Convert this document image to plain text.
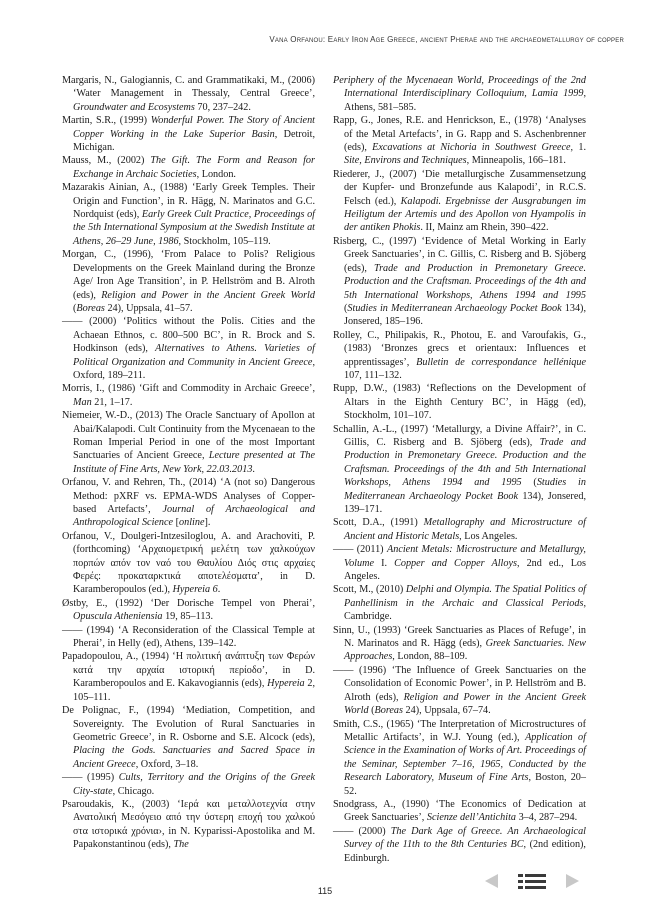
Vana Orfanou: Early Iron Age Greece, ancient Pherae and the archaeometallurgy of copper

Margaris, N., Galogiannis, C. and Grammatikaki, M., (2006) ‘Water Management in Thessaly, Central Greece’, Groundwater and Ecosystems 70, 237–242.

Martin, S.R., (1999) Wonderful Power. The Story of Ancient Copper Working in the Lake Superior Basin, Detroit, Michigan.

Mauss, M., (2002) The Gift. The Form and Reason for Exchange in Archaic Societies, London.

Mazarakis Ainian, A., (1988) ‘Early Greek Temples. Their Origin and Function’, in R. Hägg, N. Marinatos and G.C. Nordquist (eds), Early Greek Cult Practice, Proceedings of the 5th International Symposium at the Swedish Institute at Athens, 26–29 June, 1986, Stockholm, 105–119.

Morgan, C., (1996), ‘From Palace to Polis? Religious Developments on the Greek Mainland during the Bronze Age/ Iron Age Transition’, in P. Hellström and B. Alroth (eds), Religion and Power in the Ancient Greek World (Boreas 24), Uppsala, 41–57.

—— (2000) ‘Politics without the Polis. Cities and the Achaean Ethnos, c. 800–500 BC’, in R. Brock and S. Hodkinson (eds), Alternatives to Athens. Varieties of Political Organization and Community in Ancient Greece, Oxford, 189–211.

Morris, I., (1986) ‘Gift and Commodity in Archaic Greece’, Man 21, 1–17.

Niemeier, W.-D., (2013) The Oracle Sanctuary of Apollon at Abai/Kalapodi. Cult Continuity from the Mycenaean to the Roman Imperial Period in one of the most Important Sanctuaries of Ancient Greece, Lecture presented at The Institute of Fine Arts, New York, 22.03.2013.

Orfanou, V. and Rehren, Th., (2014) ‘A (not so) Dangerous Method: pXRF vs. EPMA-WDS Analyses of Copper-based Artefacts’, Journal of Archaeological and Anthropological Science [online].

Orfanou, V., Doulgeri-Intzesiloglou, A. and Arachoviti, P. (forthcoming) ‘Αρχαιομετρική μελέτη των χαλκούχων πορπών απόν τον ναό του Θαυλίου Διός στις αρχαίες Φερές: προκαταρκτικά αποτελέσματα’, in D. Karamberopoulos (ed.), Hypereia 6.

Østby, E., (1992) ‘Der Dorische Tempel von Pherai’, Opuscula Atheniensia 19, 85–113.

—— (1994) ‘A Reconsideration of the Classical Temple at Pherai’, in Helly (ed), Athens, 139–142.

Papadopoulou, A., (1994) ‘Η πολιτική ανάπτυξη των Φερών κατά την αρχαία ιστορική περίοδο’, in D. Karamberopoulos and E. Kakavogiannis (eds), Hypereia 2, 105–111.

De Polignac, F., (1994) ‘Mediation, Competition, and Sovereignty. The Evolution of Rural Sanctuaries in Geometric Greece’, in R. Osborne and S.E. Alcock (eds), Placing the Gods. Sanctuaries and Sacred Space in Ancient Greece, Oxford, 3–18.

—— (1995) Cults, Territory and the Origins of the Greek City-state, Chicago.

Psaroudakis, K., (2003) ‘Ιερά και μεταλλοτεχνία στην Ανατολική Μεσόγειο από την ύστερη εποχή του χαλκού στα ιστορικά χρόνια›, in N. Kyparissi-Apostolika and M. Papakonstantinou (eds), The

Periphery of the Mycenaean World, Proceedings of the 2nd International Interdisciplinary Colloquium, Lamia 1999, Athens, 581–585.

Rapp, G., Jones, R.E. and Henrickson, E., (1978) ‘Analyses of the Metal Artefacts’, in G. Rapp and S. Aschenbrenner (eds), Excavations at Nichoria in Southwest Greece, 1. Site, Environs and Techniques, Minneapolis, 166–181.

Riederer, J., (2007) ‘Die metallurgische Zusammensetzung der Kupfer- und Bronzefunde aus Kalapodi’, in R.C.S. Felsch (ed.), Kalapodi. Ergebnisse der Ausgrabungen im Heiligtum der Artemis und des Apollon von Hyampolis in der antiken Phokis. II, Mainz am Rhein, 390–422.

Risberg, C., (1997) ‘Evidence of Metal Working in Early Greek Sanctuaries’, in C. Gillis, C. Risberg and B. Sjöberg (eds), Trade and Production in Premonetary Greece. Production and the Craftsman. Proceedings of the 4th and 5th International Workshops, Athens 1994 and 1995 (Studies in Mediterranean Archaeology Pocket Book 134), Jonsered, 185–196.

Rolley, C., Philipakis, R., Photou, E. and Varoufakis, G., (1983) ‘Bronzes grecs et orientaux: Influences et apprentissages’, Bulletin de correspondance hellénique 107, 111–132.

Rupp, D.W., (1983) ‘Reflections on the Development of Altars in the Eighth Century BC’, in Hägg (ed), Stockholm, 101–107.

Schallin, A.-L., (1997) ‘Metallurgy, a Divine Affair?’, in C. Gillis, C. Risberg and B. Sjöberg (eds), Trade and Production in Premonetary Greece. Production and the Craftsman. Proceedings of the 4th and 5th International Workshops, Athens 1994 and 1995 (Studies in Mediterranean Archaeology Pocket Book 134), Jonsered, 139–171.

Scott, D.A., (1991) Metallography and Microstructure of Ancient and Historic Metals, Los Angeles.

—— (2011) Ancient Metals: Microstructure and Metallurgy, Volume I. Copper and Copper Alloys, 2nd ed., Los Angeles.

Scott, M., (2010) Delphi and Olympia. The Spatial Politics of Panhellinism in the Archaic and Classical Periods, Cambridge.

Sinn, U., (1993) ‘Greek Sanctuaries as Places of Refuge’, in N. Marinatos and R. Hägg (eds), Greek Sanctuaries. New Approaches, London, 88–109.

—— (1996) ‘The Influence of Greek Sanctuaries on the Consolidation of Economic Power’, in P. Hellström and B. Alroth (eds), Religion and Power in the Ancient Greek World (Boreas 24), Uppsala, 67–74.

Smith, C.S., (1965) ‘The Interpretation of Microstructures of Metallic Artifacts’, in W.J. Young (ed.), Application of Science in the Examination of Works of Art. Proceedings of the Seminar, September 7–16, 1965, Conducted by the Research Laboratory, Museum of Fine Arts, Boston, 20–52.

Snodgrass, A., (1990) ‘The Economics of Dedication at Greek Sanctuaries’, Scienze dell’Antichita 3–4, 287–294.

—— (2000) The Dark Age of Greece. An Archaeological Survey of the 11th to the 8th Centuries BC, (2nd edition), Edinburgh.

115
